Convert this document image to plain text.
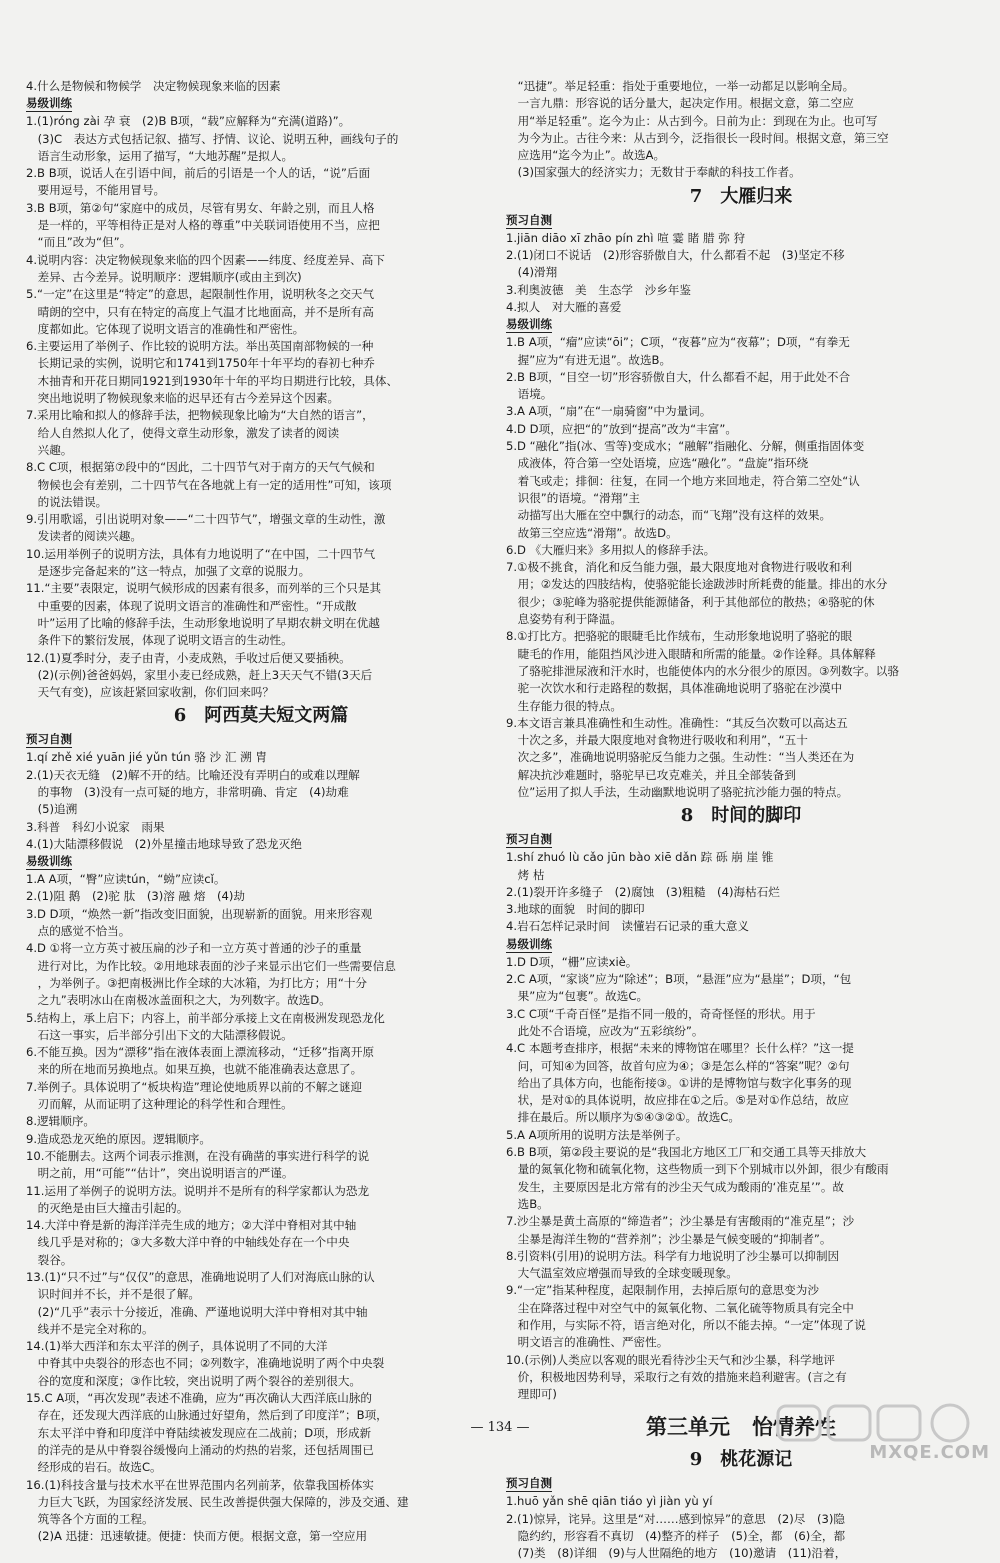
4.什么是物候和物候学　决定物候现象来临的因素
易级训练
1.(1)róng zài 孕 衰　(2)B B项，“载”应解释为“充满(道路)”。
　(3)C　表达方式包括记叙、描写、抒情、议论、说明五种，画线句子的
　语言生动形象，运用了描写，“大地苏醒”是拟人。
2.B B项，说话人在引语中间，前后的引语是一个人的话，“说”后面
　要用逗号，不能用冒号。
3.B B项，第②句“家庭中的成员，尽管有男女、年龄之别，而且人格
　是一样的，平等相待正是对人格的尊重”中关联词语使用不当，应把
　“而且”改为“但”。
4.说明内容：决定物候现象来临的四个因素——纬度、经度差异、高下
　差异、古今差异。说明顺序：逻辑顺序(或由主到次)
5.“一定”在这里是“特定”的意思，起限制性作用，说明秋冬之交天气
　晴朗的空中，只有在特定的高度上气温才比地面高，并不是所有高
　度都如此。它体现了说明文语言的准确性和严密性。
6.主要运用了举例子、作比较的说明方法。举出英国南部物候的一种
　长期记录的实例，说明它和1741到1750年十年平均的春初七种乔
　木抽青和开花日期同1921到1930年十年的平均日期进行比较，具体、
　突出地说明了物候现象来临的迟早还有古今差异这个因素。
7.采用比喻和拟人的修辞手法，把物候现象比喻为“大自然的语言”，
　给人自然拟人化了，使得文章生动形象，激发了读者的阅读
　兴趣。
8.C C项，根据第⑦段中的“因此，二十四节气对于南方的天气气候和
　物候也会有差别，二十四节气在各地就上有一定的适用性”可知，该项
　的说法错误。
9.引用歌谣，引出说明对象——“二十四节气”，增强文章的生动性，激
　发读者的阅读兴趣。
10.运用举例子的说明方法，具体有力地说明了“在中国，二十四节气
　是逐步完备起来的”这一特点，加强了文章的说服力。
11.“主要”表限定，说明气候形成的因素有很多，而列举的三个只是其
　中重要的因素，体现了说明文语言的准确性和严密性。“开成散
　叶”运用了比喻的修辞手法，生动形象地说明了早期农耕文明在优越
　条件下的繁衍发展，体现了说明文语言的生动性。
12.(1)夏季时分，麦子由青，小麦成熟，手收过后便又要插秧。
　(2)(示例)爸爸妈妈，家里小麦已经成熟，赶上3天天气不错(3天后
　天气有变)，应该赶紧回家收割，你们回来吗？
6 阿西莫夫短文两篇
预习自测
1.qí zhě xié yuān jié yǔn tún 骆 沙 汇 溯 胄
2.(1)天衣无缝　(2)解不开的结。比喻还没有弄明白的或难以理解
　的事物　(3)没有一点可疑的地方，非常明确、肯定　(4)劫难
　(5)追溯
3.科普　科幻小说家　雨果
4.(1)大陆漂移假说　(2)外星撞击地球导致了恐龙灭绝
易级训练
1.A A项，“臀”应读tún，“蚴”应读cǐ。
2.(1)阻 鹅　(2)驼 肽　(3)溶 融 熔　(4)劫
3.D D项，“焕然一新”指改变旧面貌，出现崭新的面貌。用来形容观
　点的感觉不恰当。
4.D ①将一立方英寸被压扁的沙子和一立方英寸普通的沙子的重量
　进行对比，为作比较。②用地球表面的沙子来显示出它们一些需要信息
　，为举例子。③把南极洲比作全球的大冰箱，为打比方；用“十分
　之九”表明冰山在南极冰盖面积之大，为列数字。故选D。
5.结构上，承上启下；内容上，前半部分承接上文在南极洲发现恐龙化
　石这一事实，后半部分引出下文的大陆漂移假说。
6.不能互换。因为“漂移”指在液体表面上漂流移动，“迁移”指离开原
　来的所在地而另换地点。如果互换，也就不能准确表达意思了。
7.举例子。具体说明了“板块构造”理论使地质界以前的不解之谜迎
　刃而解，从而证明了这种理论的科学性和合理性。
8.逻辑顺序。
9.造成恐龙灭绝的原因。逻辑顺序。
10.不能删去。这两个词表示推测，在没有确凿的事实进行科学的说
　明之前，用“可能”“估计”，突出说明语言的严谨。
11.运用了举例子的说明方法。说明并不是所有的科学家都认为恐龙
　的灭绝是由巨大撞击引起的。
14.大洋中脊是新的海洋洋壳生成的地方；②大洋中脊相对其中轴
　线几乎是对称的；③大多数大洋中脊的中轴线处存在一个中央
　裂谷。
13.(1)“只不过”与“仅仅”的意思，准确地说明了人们对海底山脉的认
　识时间并不长，并不是很了解。
　(2)“几乎”表示十分接近，准确、严谨地说明大洋中脊相对其中轴
　线并不是完全对称的。
14.(1)举大西洋和东太平洋的例子，具体说明了不同的大洋
　中脊其中央裂谷的形态也不同；②列数字，准确地说明了两个中央裂
　谷的宽度和深度；③作比较，突出说明了两个裂谷的差别很大。
15.C A项，“再次发现”表述不准确，应为“再次确认大西洋底山脉的
　存在，还发现大西洋底的山脉通过好望角，然后到了印度洋”；B项，
　东太平洋中脊和印度洋中脊陆续被发现应在二战前；D项，形成新
　的洋壳的是从中脊裂谷缓慢向上涌动的灼热的岩浆，还包括周围已
　经形成的岩石。故选C。
16.(1)科技含量与技术水平在世界范围内名列前茅，依靠我国桥体实
　力巨大飞跃，为国家经济发展、民生改善提供强大保障的，涉及交通、建
　筑等各个方面的工程。
　(2)A 迅捷：迅速敏捷。便捷：快而方便。根据文意，第一空应用
　“迅捷”。举足轻重：指处于重要地位，一举一动都足以影响全局。
　一言九鼎：形容说的话分量大，起决定作用。根据文意，第二空应
　用“举足轻重”。迄今为止：从古到今。日前为止：到现在为止。也可写
　为今为止。古往今来：从古到今，泛指很长一段时间。根据文意，第三空
　应选用“迄今为止”。故选A。
　(3)国家强大的经济实力；无数甘于奉献的科技工作者。
7 大雁归来
预习自测
1.jiān diāo xī zhāo pín zhì 喧 霎 睹 腊 弥 狩
2.(1)闭口不说话　(2)形容骄傲自大，什么都看不起　(3)坚定不移
　(4)滑翔
3.利奥波德　美　生态学　沙乡年鉴
4.拟人　对大雁的喜爱
易级训练
1.B A项，“瘤”应读“ōi”；C项，“夜暮”应为“夜幕”；D项，“有拳无
　握”应为“有进无退”。故选B。
2.B B项，“目空一切”形容骄傲自大，什么都看不起，用于此处不合
　语境。
3.A A项，“扇”在“一扇骑窗”中为量词。
4.D D项，应把“的”放到“提高”改为“丰富”。
5.D “融化”指(冰、雪等)变成水；“融解”指融化、分解，侧重指固体变
　成液体，符合第一空处语境，应选“融化”。“盘旋”指环绕
　着飞或走；排徊：往复，在同一个地方来回地走，符合第二空处“认
　识很”的语境。“滑翔”主
　动描写出大雁在空中飘行的动态，而“飞翔”没有这样的效果。
　故第三空应选“滑翔”。故选D。
6.D 《大雁归来》多用拟人的修辞手法。
7.①极不挑食，消化和反刍能力强，最大限度地对食物进行吸收和利
　用；②发达的四肢结构，使骆驼能长途跋涉时所耗费的能量。排出的水分
　很少；③驼峰为骆驼提供能源储备，利于其他部位的散热；④骆驼的休
　息姿势有利于降温。
8.①打比方。把骆驼的眼睫毛比作绒布，生动形象地说明了骆驼的眼
　睫毛的作用，能阻挡风沙进入眼睛和所需的能量。②作诠释。具体解释
　了骆驼排泄尿液和汗水时，也能使体内的水分很少的原因。③列数字。以骆
　驼一次饮水和行走路程的数据，具体准确地说明了骆驼在沙漠中
　生存能力很的特点。
9.本文语言兼具准确性和生动性。准确性：“其反刍次数可以高达五
　十次之多，并最大限度地对食物进行吸收和利用”，“五十
　次之多”，准确地说明骆驼反刍能力之强。生动性：“当人类还在为
　解决抗沙难题时，骆驼早已攻克难关，并且全部装备到
　位”运用了拟人手法，生动幽默地说明了骆驼抗沙能力强的特点。
8 时间的脚印
预习自测
1.shí zhuó lù cǎo jūn bào xiē dǎn 踪 砾 崩 崖 锥
　烤 枯
2.(1)裂开许多缝子　(2)腐蚀　(3)粗糙　(4)海枯石烂
3.地球的面貌　时间的脚印
4.岩石怎样记录时间　读懂岩石记录的重大意义
易级训练
1.D D项，“栅”应读xiè。
2.C A项，“家谈”应为“除述”；B项，“悬涯”应为“悬崖”；D项，“包
　果”应为“包裹”。故选C。
3.C C项“千奇百怪”是指不同一般的，奇奇怪怪的形状。用于
　此处不合语境，应改为“五彩缤纷”。
4.C 本题考查排序，根据“未来的博物馆在哪里？长什么样？”这一提
　问，可知④为回答，故首句应为④；③是怎么样的“答案”呢？②句
　给出了具体方向，也能衔接③。①讲的是博物馆与数字化事务的现
　状，是对①的具体说明，故应排在①之后。⑤是对①作总结，故应
　排在最后。所以顺序为⑤④③②①。故选C。
5.A A项所用的说明方法是举例子。
6.B B项，第②段主要说的是“我国北方地区工厂和交通工具等天排放大
　量的氮氧化物和硫氧化物，这些物质一到下个别城市以外卸，很少有酸雨
　发生，主要原因是北方常有的沙尘天气成为酸雨的‘准克星’”。故
　选B。
7.沙尘暴是黄土高原的“缔造者”；沙尘暴是有害酸雨的“准克星”；沙
　尘暴是海洋生物的“营养剂”；沙尘暴是气候变暖的“抑制者”。
8.引资料(引用)的说明方法。科学有力地说明了沙尘暴可以抑制因
　大气温室效应增强而导致的全球变暖现象。
9.“一定”指某种程度，起限制作用，去掉后原句的意思变为沙
　尘在降落过程中对空气中的氮氧化物、二氧化硫等物质具有完全中
　和作用，与实际不符，语言绝对化，所以不能去掉。“一定”体现了说
　明文语言的准确性、严密性。
10.(示例)人类应以客观的眼光看待沙尘天气和沙尘暴，科学地评
　价，积极地因势利导，采取行之有效的措施来趋利避害。(言之有
　理即可)
第三单元 怡情养性
9 桃花源记
预习自测
1.huō yǎn shē qiān tiáo yì jiàn yù yí
2.(1)惊异，诧异。这里是“对……感到惊异”的意思　(2)尽　(3)隐
　隐约约，形容看不真切　(4)整齐的样子　(5)全，都　(6)全，都
　(7)类　(8)详细　(9)与人世隔绝的地方　(10)邀请　(11)沿着，
— 134 —
MXQE.COM
